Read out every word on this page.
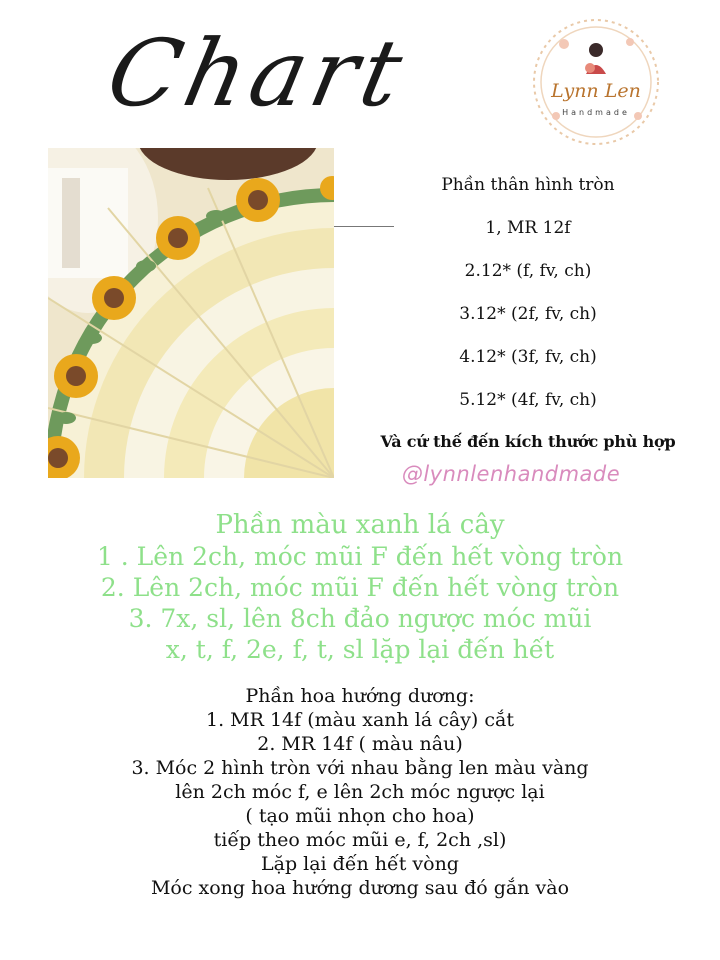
Chart	Lynn Len
Handmade
Phần thân hình tròn
1, MR 12f
2.12* (f, fv, ch)
3.12* (2f, fv, ch)
4.12* (3f, fv, ch)
5.12* (4f, fv, ch)
Và cứ thế đến kích thước phù hợp
@lynnlenhandmade
Phần màu xanh lá cây
1 . Lên 2ch, móc mũi F đến hết vòng tròn
2. Lên 2ch, móc mũi F đến hết vòng tròn
3. 7x, sl, lên 8ch đảo ngược móc mũi
x, t, f, 2e, f, t, sl lặp lại đến hết
Phần hoa hướng dương:
1. MR 14f (màu xanh lá cây) cắt
2. MR 14f ( màu nâu)
3. Móc 2 hình tròn với nhau bằng len màu vàng
lên 2ch móc f, e lên 2ch móc ngược lại
( tạo mũi nhọn cho hoa)
tiếp theo móc mũi e, f, 2ch ,sl)
Lặp lại đến hết vòng
Móc xong hoa hướng dương sau đó gắn vào
